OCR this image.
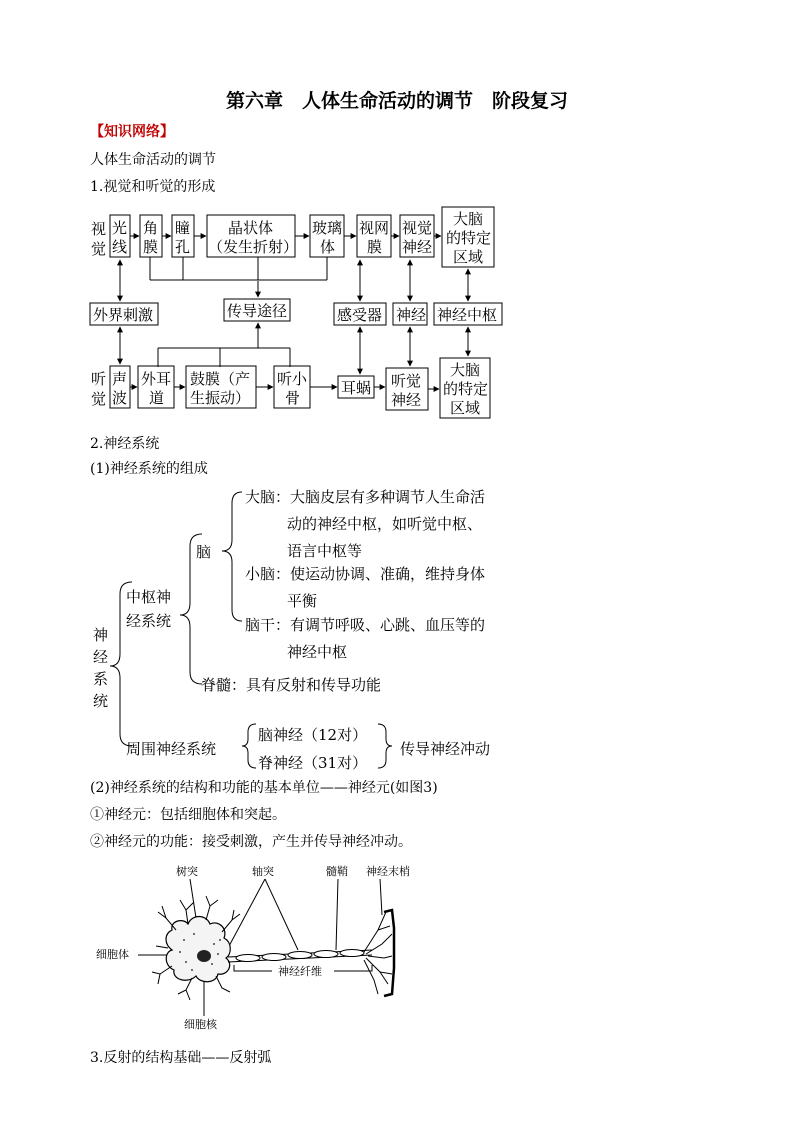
第六章　人体生命活动的调节　阶段复习
【知识网络】
人体生命活动的调节
1.视觉和听觉的形成
视
觉
光
线
角
膜
瞳
孔
晶状体
（发生折射）
玻璃
体
视网
膜
视觉
神经
大脑
的特定
区域
外界刺激	传导途径	感受器 神经 神经中枢
听
觉
声
波
外耳
道
鼓膜（产
生振动）
听小
骨
耳蜗 听觉
神经
大脑
的特定
区域
2.神经系统
(1)神经系统的组成
神
经
系
统
中枢神
经系统
脑
大脑：大脑皮层有多种调节人生命活
动的神经中枢，如听觉中枢、
语言中枢等
小脑：使运动协调、准确，维持身体
平衡
脑干：有调节呼吸、心跳、血压等的
神经中枢
脊髓：具有反射和传导功能
周围神经系统
脑神经（12对）
脊神经（31对）
传导神经冲动
(2)神经系统的结构和功能的基本单位——神经元(如图3)
①神经元：包括细胞体和突起。
②神经元的功能：接受刺激，产生并传导神经冲动。
树突	轴突	髓鞘 神经末梢
细胞体
神经纤维
细胞核
3.反射的结构基础——反射弧
